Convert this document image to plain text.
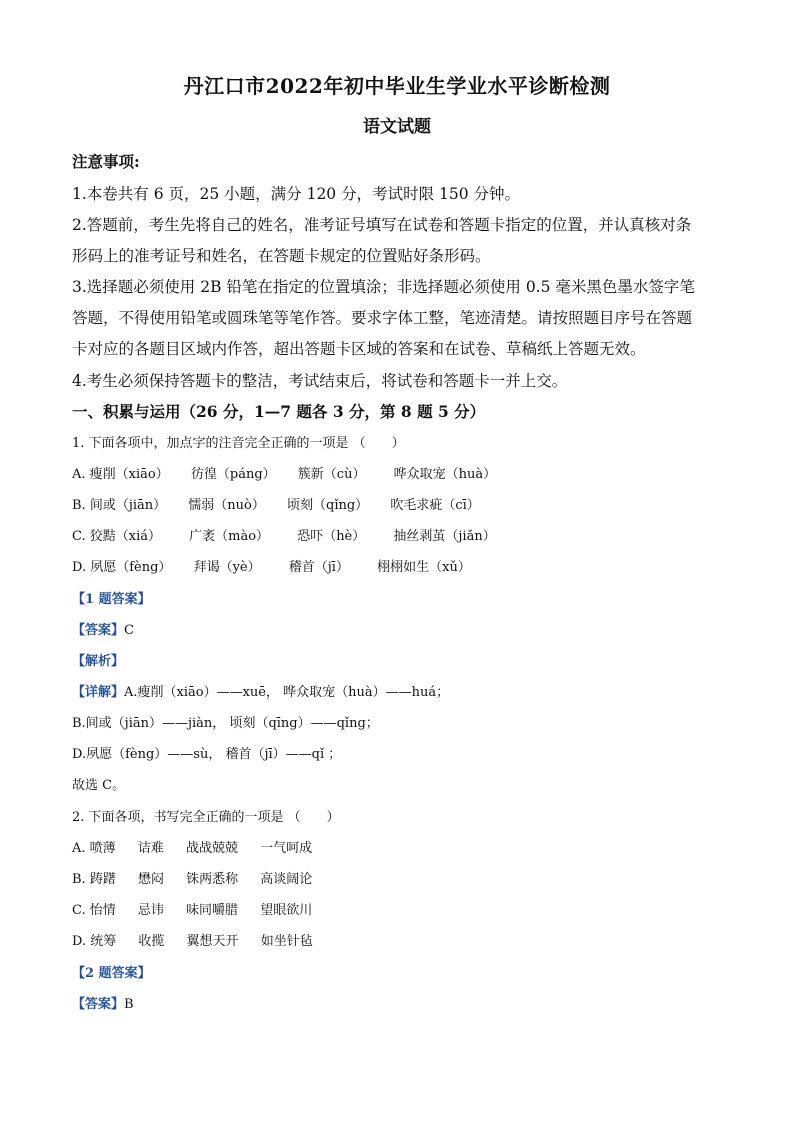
丹江口市2022年初中毕业生学业水平诊断检测
语文试题
注意事项:
1.本卷共有 6 页，25 小题，满分 120 分，考试时限 150 分钟。
2.答题前，考生先将自己的姓名，准考证号填写在试卷和答题卡指定的位置，并认真核对条
形码上的准考证号和姓名，在答题卡规定的位置贴好条形码。
3.选择题必须使用 2B 铅笔在指定的位置填涂；非选择题必须使用 0.5 毫米黑色墨水签字笔
答题，不得使用铅笔或圆珠笔等笔作答。要求字体工整，笔迹清楚。请按照题目序号在答题
卡对应的各题目区域内作答，超出答题卡区域的答案和在试卷、草稿纸上答题无效。
4.考生必须保持答题卡的整洁，考试结束后，将试卷和答题卡一并上交。
一、积累与运用（26 分，1—7 题各 3 分，第 8 题 5 分）
1. 下面各项中，加点字的注音完全正确的一项是 （　　）
A. 瘦削（xiāo） 彷徨（páng） 簇新（cù） 哗众取宠（huà）
B. 间或（jiān） 懦弱（nuò） 顷刻（qǐng） 吹毛求疵（cī）
C. 狡黠（xiá） 广袤（mào） 恐吓（hè） 抽丝剥茧（jiǎn）
D. 夙愿（fèng） 拜谒（yè） 稽首（jī） 栩栩如生（xǔ）
【1 题答案】
【答案】C
【解析】
【详解】A.瘦削（xiāo）——xuē， 哗众取宠（huà）——huá；
B.间或（jiān）——jiàn， 顷刻（qīng）——qǐng；
D.夙愿（fèng）——sù， 稽首（jī）——qǐ ；
故选 C。
2. 下面各项，书写完全正确的一项是 （　　）
A. 喷薄 诘难 战战兢兢 一气呵成
B. 踌躇 懋闷 铢两悉称 高谈阔论
C. 怡情 忌讳 味同嚼腊 望眼欲川
D. 统筹 收揽 翼想天开 如坐针毡
【2 题答案】
【答案】B
